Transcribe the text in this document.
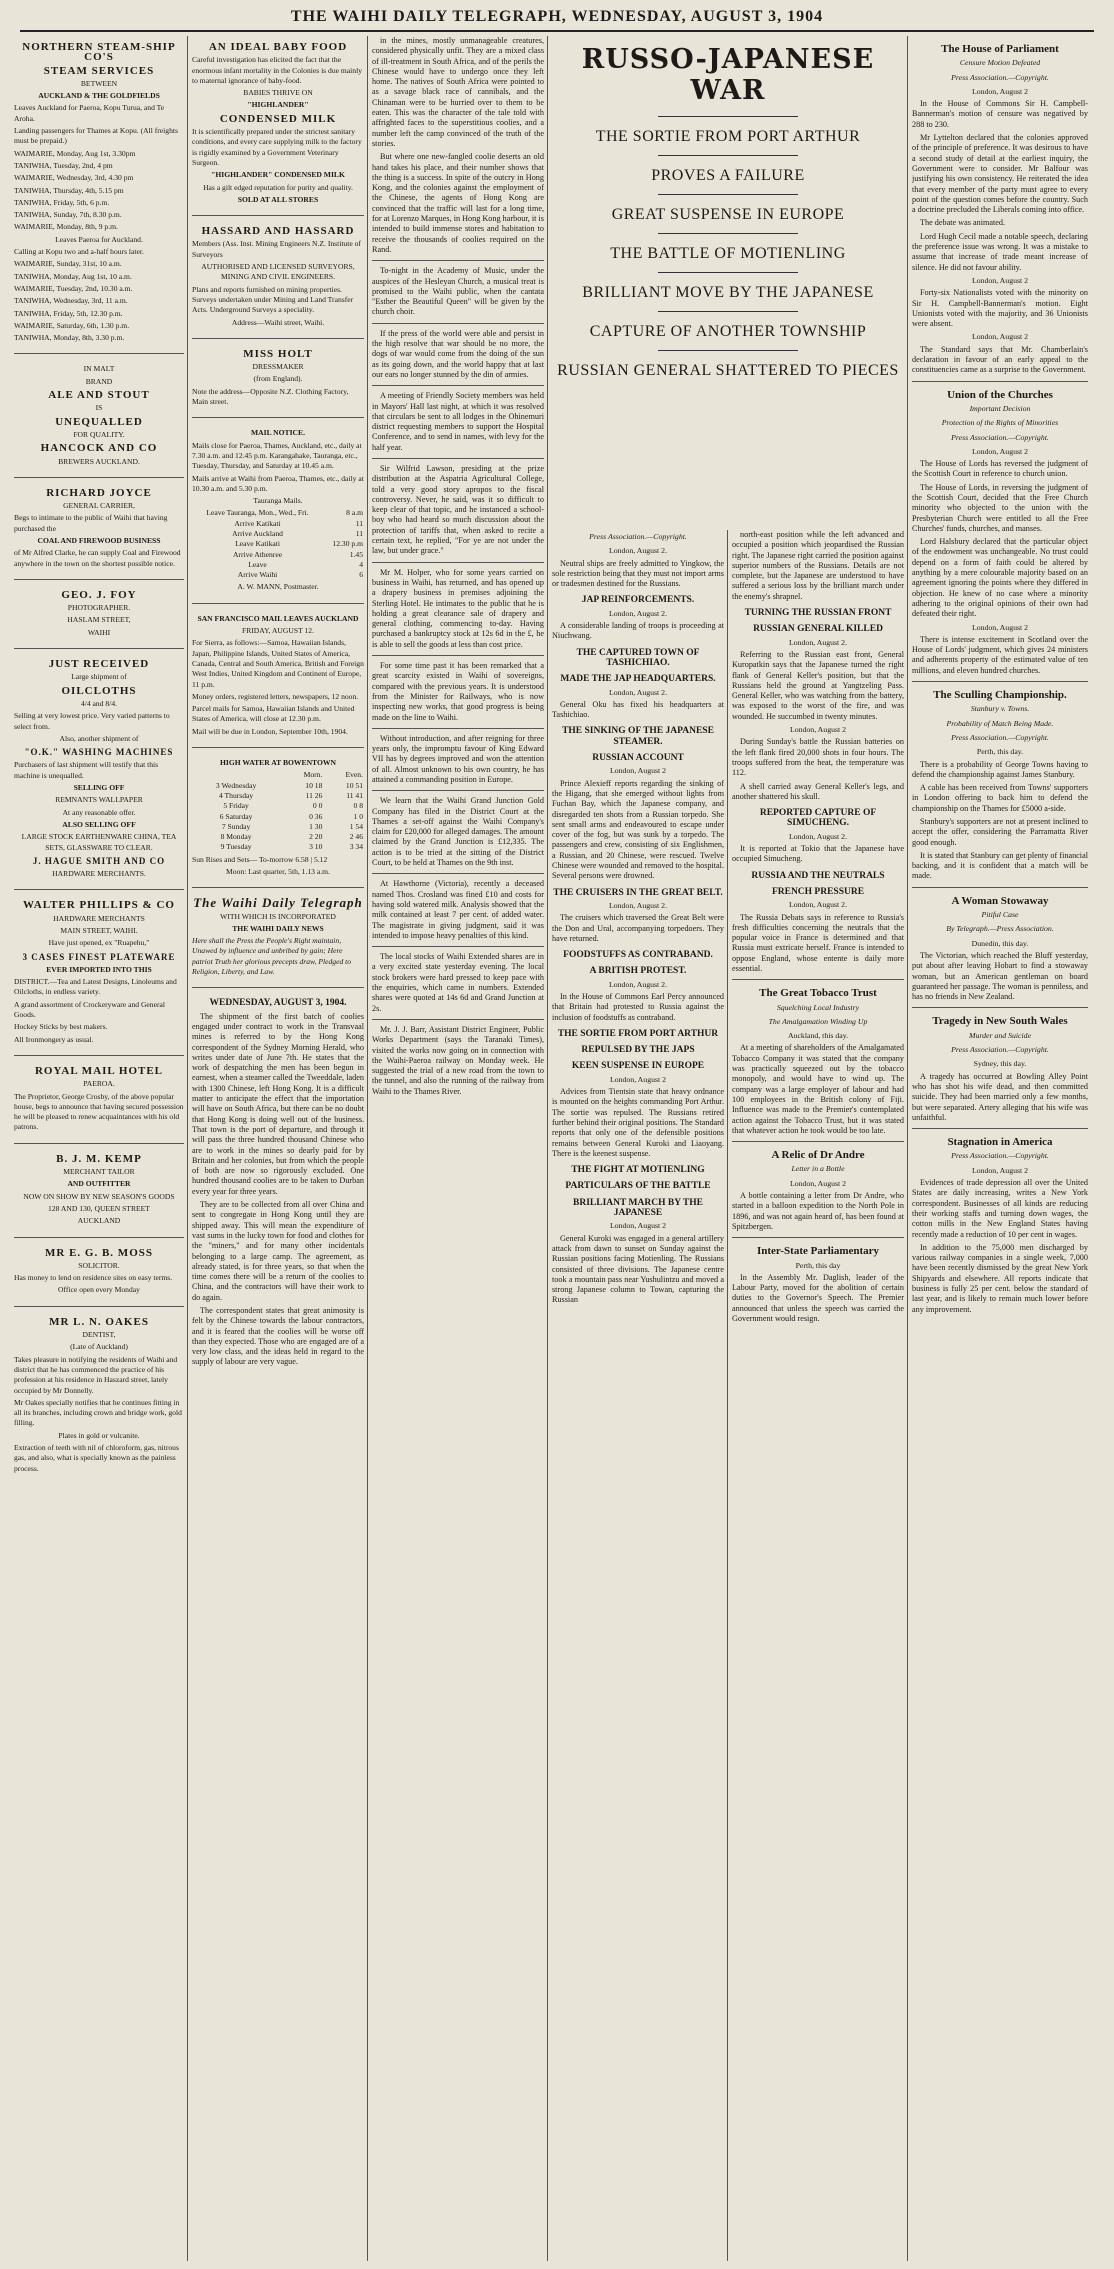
THE WAIHI DAILY TELEGRAPH, WEDNESDAY, AUGUST 3, 1904
NORTHERN STEAM-SHIP CO'S
STEAM SERVICES
BETWEEN
AUCKLAND & THE GOLDFIELDS
Leaves Auckland for Paeroa, Kopu Turua, and Te Aroha.
Landing passengers for Thames at Kopu. (All freights must be prepaid.)
WAIMARIE, Monday, Aug 1st, 3.30pm
TANIWHA, Tuesday, 2nd, 4 pm
WAIMARIE, Wednesday, 3rd, 4.30 pm
TANIWHA, Thursday, 4th, 5.15 pm
TANIWHA, Friday, 5th, 6 p.m.
TANIWHA, Sunday, 7th, 8.30 p.m.
WAIMARIE, Monday, 8th, 9 p.m.
Leaves Paeroa for Auckland.
Calling at Kopu two and a-half hours later.
WAIMARIE, Sunday, 31st, 10 a.m.
TANIWHA, Monday, Aug 1st, 10 a.m.
WAIMARIE, Tuesday, 2nd, 10.30 a.m.
TANIWHA, Wednesday, 3rd, 11 a.m.
TANIWHA, Friday, 5th, 12.30 p.m.
WAIMARIE, Saturday, 6th, 1.30 p.m.
TANIWHA, Monday, 8th, 3.30 p.m.
IN MALT
BRAND
ALE AND STOUT
IS
UNEQUALLED
FOR QUALITY.
HANCOCK AND CO
BREWERS AUCKLAND.
RICHARD JOYCE
GENERAL CARRIER,
Begs to intimate to the public of Waihi that having purchased the
COAL AND FIREWOOD BUSINESS
of Mr Alfred Clarke, he can supply Coal and Firewood anywhere in the town on the shortest possible notice.
GEO. J. FOY
PHOTOGRAPHER.
HASLAM STREET,
WAIHI
JUST RECEIVED
Large shipment of
OILCLOTHS
4/4 and 8/4.
Selling at very lowest price. Very varied patterns to select from.
Also, another shipment of
"O.K." WASHING MACHINES
Purchasers of last shipment will testify that this machine is unequalled.
SELLING OFF
REMNANTS WALLPAPER
At any reasonable offer.
ALSO SELLING OFF
LARGE STOCK EARTHENWARE CHINA, TEA SETS, GLASSWARE TO CLEAR.
J. HAGUE SMITH AND CO
HARDWARE MERCHANTS.
WALTER PHILLIPS & CO
HARDWARE MERCHANTS
MAIN STREET, WAIHI.
Have just opened, ex "Ruapehu,"
3 CASES FINEST PLATEWARE
EVER IMPORTED INTO THIS
DISTRICT.—Tea and Latest Designs, Linoleums and Oilcloths, in endless variety.
A grand assortment of Crockeryware and General Goods.
Hockey Sticks by best makers.
All Ironmongery as usual.
ROYAL MAIL HOTEL
PAEROA.
The Proprietor, George Crosby, of the above popular house, begs to announce that having secured possession he will be pleased to renew acquaintances with his old patrons.
B. J. M. KEMP
MERCHANT TAILOR
AND OUTFITTER
NOW ON SHOW BY NEW SEASON'S GOODS
128 AND 130, QUEEN STREET
AUCKLAND
MR E. G. B. MOSS
SOLICITOR.
Has money to lend on residence sites on easy terms.
Office open every Monday
MR L. N. OAKES
DENTIST,
(Late of Auckland)
Takes pleasure in notifying the residents of Waihi and district that he has commenced the practice of his profession at his residence in Haszard street, lately occupied by Mr Donnelly.
Mr Oakes specially notifies that he continues fitting in all its branches, including crown and bridge work, gold filling.
Plates in gold or vulcanite.
Extraction of teeth with nil of chloroform, gas, nitrous gas, and also, what is specially known as the painless process.
AN IDEAL BABY FOOD
Careful investigation has elicited the fact that the enormous infant mortality in the Colonies is due mainly to maternal ignorance of baby-food.
BABIES THRIVE ON
"HIGHLANDER"
CONDENSED MILK
It is scientifically prepared under the strictest sanitary conditions, and every care supplying milk to the factory is rigidly examined by a Government Veterinary Surgeon.
"HIGHLANDER" CONDENSED MILK
Has a gilt edged reputation for purity and quality.
SOLD AT ALL STORES
HASSARD AND HASSARD
Members (Ass. Inst. Mining Engineers N.Z. Institute of Surveyors
AUTHORISED AND LICENSED SURVEYORS, MINING AND CIVIL ENGINEERS.
Plans and reports furnished on mining properties. Surveys undertaken under Mining and Land Transfer Acts. Underground Surveys a speciality.
Address—Waihi street, Waihi.
MISS HOLT
DRESSMAKER
(from England).
Note the address—Opposite N.Z. Clothing Factory, Main street.
MAIL NOTICE.
Mails close for Paeroa, Thames, Auckland, etc., daily at 7.30 a.m. and 12.45 p.m. Karangahake, Tauranga, etc., Tuesday, Thursday, and Saturday at 10.45 a.m.
Mails arrive at Waihi from Paeroa, Thames, etc., daily at 10.30 a.m. and 5.30 p.m.
Tauranga Mails.
Leave Tauranga, Mon., Wed., Fri.	8 a.m
Arrive Katikati	11
Arrive Auckland	11
Leave Katikati	12.30 p.m
Arrive Athenree	1.45
Leave	4
Arrive Waihi	6
A. W. MANN, Postmaster.
SAN FRANCISCO MAIL LEAVES AUCKLAND
FRIDAY, AUGUST 12.
For Sierra, as follows:—Samoa, Hawaiian Islands, Japan, Philippine Islands, United States of America, Canada, Central and South America, British and Foreign West Indies, United Kingdom and Continent of Europe, 11 p.m.
Money orders, registered letters, newspapers, 12 noon.
Parcel mails for Samoa, Hawaiian Islands and United States of America, will close at 12.30 p.m.
Mail will be due in London, September 10th, 1904.
HIGH WATER AT BOWENTOWN
	Morn.	Even.
3 Wednesday	10 18	10 51
4 Thursday	11 26	11 41
5 Friday	0 0	0 8
6 Saturday	0 36	1 0
7 Sunday	1 30	1 54
8 Monday	2 20	2 46
9 Tuesday	3 10	3 34
Sun Rises and Sets— To-morrow 6.58 | 5.12
Moon: Last quarter, 5th, 1.13 a.m.
The Waihi Daily Telegraph
WITH WHICH IS INCORPORATED
THE WAIHI DAILY NEWS
Here shall the Press the People's Right maintain, Unawed by influence and unbribed by gain; Here patriot Truth her glorious precepts draw, Pledged to Religion, Liberty, and Law.
WEDNESDAY, AUGUST 3, 1904.

The shipment of the first batch of coolies engaged under contract to work in the Transvaal mines is referred to by the Hong Kong correspondent of the Sydney Morning Herald, who writes under date of June 7th. He states that the work of despatching the men has been begun in earnest, when a steamer called the Tweeddale, laden with 1300 Chinese, left Hong Kong. It is a difficult matter to anticipate the effect that the importation will have on South Africa, but there can be no doubt that Hong Kong is doing well out of the business. That town is the port of departure, and through it will pass the three hundred thousand Chinese who are to work in the mines so dearly paid for by Britain and her colonies, but from which the people of both are now so rigorously excluded. One hundred thousand coolies are to be taken to Durban every year for three years.

They are to be collected from all over China and sent to congregate in Hong Kong until they are shipped away. This will mean the expenditure of vast sums in the lucky town for food and clothes for the "miners," and for many other incidentals belonging to a large camp. The agreement, as already stated, is for three years, so that when the time comes there will be a return of the coolies to China, and the contractors will have their work to do again.

The correspondent states that great animosity is felt by the Chinese towards the labour contractors, and it is feared that the coolies will be worse off than they expected. Those who are engaged are of a very low class, and the ideas held in regard to the supply of labour are very vague.

in the mines, mostly unmanageable creatures, considered physically unfit. They are a mixed class of ill-treatment in South Africa, and of the perils the Chinese would have to undergo once they left home. The natives of South Africa were pointed to as a savage black race of cannibals, and the Chinaman were to be hurried over to them to be eaten. This was the character of the tale told with affrighted faces to the superstitious coolies, and a number left the camp convinced of the truth of the stories.

But where one new-fangled coolie deserts an old hand takes his place, and their number shows that the thing is a success. In spite of the outcry in Hong Kong, and the colonies against the employment of the Chinese, the agents of Hong Kong are convinced that the traffic will last for a long time, for at Lorenzo Marques, in Hong Kong harbour, it is intended to build immense stores and habitation to receive the thousands of coolies required on the Rand.

To-night in the Academy of Music, under the auspices of the Hesleyan Church, a musical treat is promised to the Waihi public, when the cantata "Esther the Beautiful Queen" will be given by the church choir.

If the press of the world were able and persist in the high resolve that war should be no more, the dogs of war would come from the doing of the sun as its going down, and the world happy that at last our ears no longer stunned by the din of armies.

A meeting of Friendly Society members was held in Mayors' Hall last night, at which it was resolved that circulars be sent to all lodges in the Ohinemuri district requesting members to support the Hospital Conference, and to send in names, with levy for the half year.

Sir Wilfrid Lawson, presiding at the prize distribution at the Aspatria Agricultural College, told a very good story apropos to the fiscal controversy. Never, he said, was it so difficult to keep clear of that topic, and he instanced a school-boy who had heard so much discussion about the protection of tariffs that, when asked to recite a certain text, he replied, "For ye are not under the law, but under grace."

Mr M. Holper, who for some years carried on business in Waihi, has returned, and has opened up a drapery business in premises adjoining the Sterling Hotel. He intimates to the public that he is holding a great clearance sale of drapery and general clothing, commencing to-day. Having purchased a bankruptcy stock at 12s 6d in the £, he is able to sell the goods at less than cost price.

For some time past it has been remarked that a great scarcity existed in Waihi of sovereigns, compared with the previous years. It is understood from the Minister for Railways, who is now inspecting new works, that good progress is being made on the line to Waihi.

Without introduction, and after reigning for three years only, the impromptu favour of King Edward VII has by degrees improved and won the attention of all. Almost unknown to his own country, he has attained a commanding position in Europe.

We learn that the Waihi Grand Junction Gold Company has filed in the District Court at the Thames a set-off against the Waihi Company's claim for £20,000 for alleged damages. The amount claimed by the Grand Junction is £12,335. The action is to be tried at the sitting of the District Court, to be held at Thames on the 9th inst.

At Hawthorne (Victoria), recently a deceased named Thos. Crosland was fined £10 and costs for having sold watered milk. Analysis showed that the milk contained at least 7 per cent. of added water. The magistrate in giving judgment, said it was intended to impose heavy penalties of this kind.

The local stocks of Waihi Extended shares are in a very excited state yesterday evening. The local stock brokers were hard pressed to keep pace with the enquiries, which came in numbers. Extended shares were quoted at 14s 6d and Grand Junction at 2s.

Mr. J. J. Barr, Assistant District Engineer, Public Works Department (says the Taranaki Times), visited the works now going on in connection with the Waihi-Paeroa railway on Monday week. He suggested the trial of a new road from the town to the tunnel, and also the running of the railway from Waihi to the Thames River.

RUSSO-JAPANESE WAR
THE SORTIE FROM PORT ARTHUR
PROVES A FAILURE
GREAT SUSPENSE IN EUROPE
THE BATTLE OF MOTIENLING
BRILLIANT MOVE BY THE JAPANESE
CAPTURE OF ANOTHER TOWNSHIP
RUSSIAN GENERAL SHATTERED TO PIECES
Press Association.—Copyright.
London, August 2.

Neutral ships are freely admitted to Yingkow, the sole restriction being that they must not import arms or tradesmen destined for the Russians.

JAP REINFORCEMENTS.
London, August 2.

A considerable landing of troops is proceeding at Niuchwang.

THE CAPTURED TOWN OF TASHICHIAO.
MADE THE JAP HEADQUARTERS.
London, August 2.

General Oku has fixed his headquarters at Tashichiao.

THE SINKING OF THE JAPANESE STEAMER.
RUSSIAN ACCOUNT
London, August 2

Prince Alexieff reports regarding the sinking of the Higang, that she emerged without lights from Fuchan Bay, which the Japanese company, and disregarded ten shots from a Russian torpedo. She sent small arms and endeavoured to escape under cover of the fog, but was sunk by a torpedo. The passengers and crew, consisting of six Englishmen, a Russian, and 20 Chinese, were rescued. Twelve Chinese were wounded and removed to the hospital. Several persons were drowned.

THE CRUISERS IN THE GREAT BELT.
London, August 2.

The cruisers which traversed the Great Belt were the Don and Ural, accompanying torpedoers. They have returned.

FOODSTUFFS AS CONTRABAND.
A BRITISH PROTEST.
London, August 2.

In the House of Commons Earl Percy announced that Britain had protested to Russia against the inclusion of foodstuffs as contraband.

THE SORTIE FROM PORT ARTHUR
REPULSED BY THE JAPS
KEEN SUSPENSE IN EUROPE
London, August 2

Advices from Tientsin state that heavy ordnance is mounted on the heights commanding Port Arthur. The sortie was repulsed. The Russians retired further behind their original positions. The Standard reports that only one of the defensible positions remains between General Kuroki and Liaoyang. There is the keenest suspense.

THE FIGHT AT MOTIENLING
PARTICULARS OF THE BATTLE
BRILLIANT MARCH BY THE JAPANESE
London, August 2

General Kuroki was engaged in a general artillery attack from dawn to sunset on Sunday against the Russian positions facing Motienling. The Russians consisted of three divisions. The Japanese centre took a mountain pass near Yushulintzu and moved a strong Japanese column to Towan, capturing the Russian

north-east position while the left advanced and occupied a position which jeopardised the Russian right. The Japanese right carried the position against superior numbers of the Russians. Details are not complete, but the Japanese are understood to have suffered a serious loss by the brilliant march under the enemy's shrapnel.

TURNING THE RUSSIAN FRONT
RUSSIAN GENERAL KILLED
London, August 2.

Referring to the Russian east front, General Kuropatkin says that the Japanese turned the right flank of General Keller's position, but that the Russians held the ground at Yangtzeling Pass. General Keller, who was watching from the battery, was exposed to the worst of the fire, and was wounded. He succumbed in twenty minutes.

London, August 2

During Sunday's battle the Russian batteries on the left flank fired 20,000 shots in four hours. The troops suffered from the heat, the temperature was 112.

A shell carried away General Keller's legs, and another shattered his skull.

REPORTED CAPTURE OF SIMUCHENG.
London, August 2.

It is reported at Tokio that the Japanese have occupied Simucheng.

RUSSIA AND THE NEUTRALS
FRENCH PRESSURE
London, August 2.

The Russia Debats says in reference to Russia's fresh difficulties concerning the neutrals that the popular voice in France is determined and that Russia must extricate herself. France is intended to oppose England, whose entente is daily more essential.

The Great Tobacco Trust
Squelching Local Industry
The Amalgamation Winding Up
Auckland, this day.

At a meeting of shareholders of the Amalgamated Tobacco Company it was stated that the company was practically squeezed out by the tobacco monopoly, and would have to wind up. The company was a large employer of labour and had 100 employees in the British colony of Fiji. Influence was made to the Premier's contemplated action against the Tobacco Trust, but it was stated that whatever action he took would be too late.

A Relic of Dr Andre
Letter in a Bottle
London, August 2

A bottle containing a letter from Dr Andre, who started in a balloon expedition to the North Pole in 1896, and was not again heard of, has been found at Spitzbergen.

Inter-State Parliamentary
Perth, this day

In the Assembly Mr. Daglish, leader of the Labour Party, moved for the abolition of certain duties to the Governor's Speech. The Premier announced that unless the speech was carried the Government would resign.

The House of Parliament
Censure Motion Defeated
Press Association.—Copyright.
London, August 2

In the House of Commons Sir H. Campbell-Bannerman's motion of censure was negatived by 288 to 230.

Mr Lyttelton declared that the colonies approved of the principle of preference. It was desirous to have a second study of detail at the earliest inquiry, the Government were to consider. Mr Balfour was justifying his own consistency. He reiterated the idea that every member of the party must agree to every point of the question comes before the country. Such a doctrine precluded the Liberals coming into office.

The debate was animated.

Lord Hugh Cecil made a notable speech, declaring the preference issue was wrong. It was a mistake to assume that increase of trade meant increase of silence. He did not favour ability.

London, August 2

Forty-six Nationalists voted with the minority on Sir H. Campbell-Bannerman's motion. Eight Unionists voted with the majority, and 36 Unionists were absent.

London, August 2

The Standard says that Mr. Chamberlain's declaration in favour of an early appeal to the constituencies came as a surprise to the Government.

Union of the Churches
Important Decision
Protection of the Rights of Minorities
Press Association.—Copyright.
London, August 2

The House of Lords has reversed the judgment of the Scottish Court in reference to church union.

The House of Lords, in reversing the judgment of the Scottish Court, decided that the Free Church minority who objected to the union with the Presbyterian Church were entitled to all the Free Churches' funds, churches, and manses.

Lord Halsbury declared that the particular object of the endowment was unchangeable. No trust could depend on a form of faith could be altered by anything by a mere colourable majority based on an agreement ignoring the points where they differed in objection. He knew of no case where a minority adhering to the original opinions of their own had defeated their right.

London, August 2

There is intense excitement in Scotland over the House of Lords' judgment, which gives 24 ministers and adherents property of the estimated value of ten millions, and eleven hundred churches.

The Sculling Championship.
Stanbury v. Towns.
Probability of Match Being Made.
Press Association.—Copyright.
Perth, this day.

There is a probability of George Towns having to defend the championship against James Stanbury.

A cable has been received from Towns' supporters in London offering to back him to defend the championship on the Thames for £5000 a-side.

Stanbury's supporters are not at present inclined to accept the offer, considering the Parramatta River good enough.

It is stated that Stanbury can get plenty of financial backing, and it is confident that a match will be made.

A Woman Stowaway
Pitiful Case
By Telegraph.—Press Association.
Dunedin, this day.

The Victorian, which reached the Bluff yesterday, put about after leaving Hobart to find a stowaway woman, but an American gentleman on board guaranteed her passage. The woman is penniless, and has no friends in New Zealand.

Tragedy in New South Wales
Murder and Suicide
Press Association.—Copyright.
Sydney, this day.

A tragedy has occurred at Bowling Alley Point who has shot his wife dead, and then committed suicide. They had been married only a few months, but were separated. Artery alleging that his wife was unfaithful.

Stagnation in America
Press Association.—Copyright.
London, August 2

Evidences of trade depression all over the United States are daily increasing, writes a New York correspondent. Businesses of all kinds are reducing their working staffs and turning down wages, the cotton mills in the New England States having recently made a reduction of 10 per cent in wages.

In addition to the 75,000 men discharged by various railway companies in a single week, 7,000 have been recently dismissed by the great New York Shipyards and elsewhere. All reports indicate that business is fully 25 per cent. below the standard of last year, and is likely to remain much lower before any improvement.
